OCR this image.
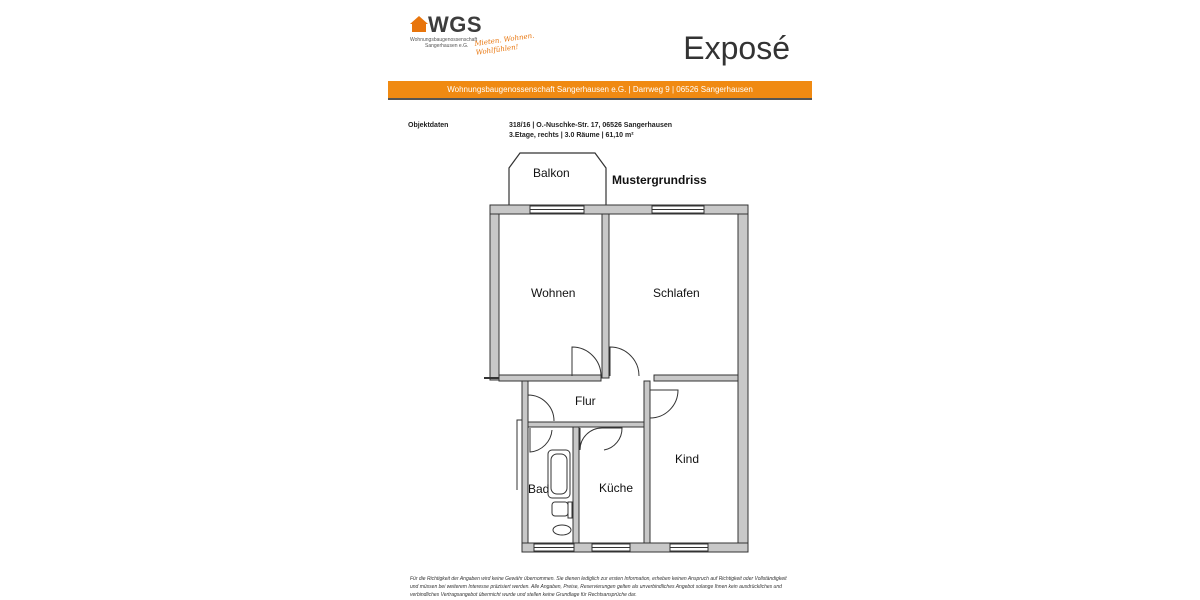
WGS
Wohnungsbaugenossenschaft
Sangerhausen e.G. Mieten. Wohnen. Wohlfühlen!	Exposé
Wohnungsbaugenossenschaft Sangerhausen e.G. | Darrweg 9 | 06526 Sangerhausen
Objektdaten	318/16 | O.-Nuschke-Str. 17, 06526 Sangerhausen
3.Etage, rechts | 3.0 Räume | 61,10 m²
Mustergrundriss
Balkon
Wohnen	Schlafen
Flur
Kind
Bad	Küche
Für die Richtigkeit der Angaben wird keine Gewähr übernommen. Sie dienen lediglich zur ersten Information, erheben keinen Anspruch auf Richtigkeit oder Vollständigkeit und müssen bei weiterem Interesse präzisiert werden. Alle Angaben, Preise, Reservierungen gelten als unverbindliches Angebot solange Ihnen kein ausdrückliches und verbindliches Vertragsangebot übermicht wurde und stellen keine Grundlage für Rechtsansprüche dar.
